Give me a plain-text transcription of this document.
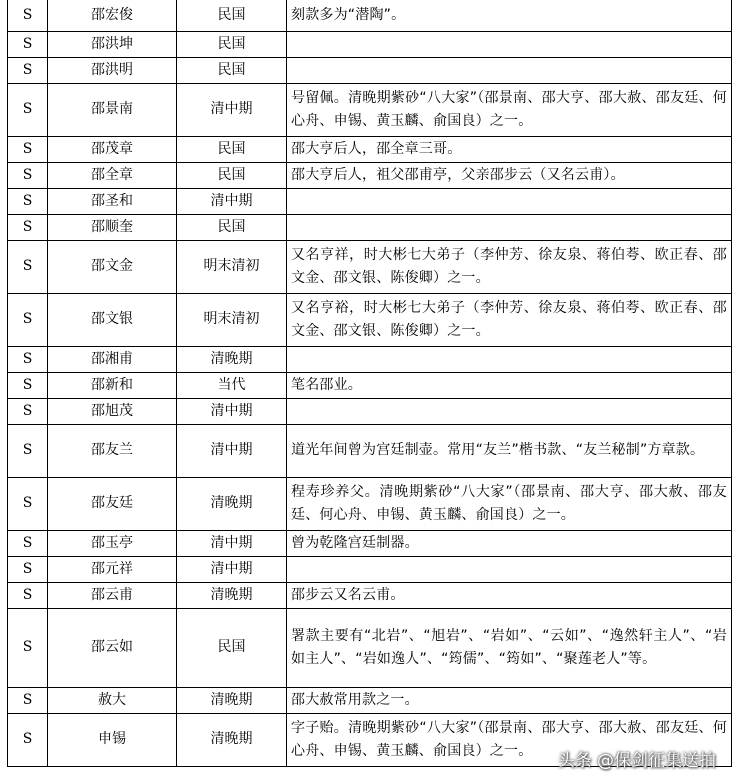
S	邵宏俊	民国	刻款多为“潜陶”。
S	邵洪坤	民国	
S	邵洪明	民国	
S	邵景南	清中期	号留佩。清晚期紫砂“八大家”（邵景南、邵大亨、邵大赦、邵友廷、何心舟、申锡、黄玉麟、俞国良）之一。
S	邵茂章	民国	邵大亨后人，邵全章三哥。
S	邵全章	民国	邵大亨后人，祖父邵甫亭，父亲邵步云（又名云甫）。
S	邵圣和	清中期	
S	邵顺奎	民国	
S	邵文金	明末清初	又名亨祥，时大彬七大弟子（李仲芳、徐友泉、蒋伯荂、欧正春、邵文金、邵文银、陈俊卿）之一。
S	邵文银	明末清初	又名亨裕，时大彬七大弟子（李仲芳、徐友泉、蒋伯荂、欧正春、邵文金、邵文银、陈俊卿）之一。
S	邵湘甫	清晚期	
S	邵新和	当代	笔名邵业。
S	邵旭茂	清中期	
S	邵友兰	清中期	道光年间曾为宫廷制壶。常用“友兰”楷书款、“友兰秘制”方章款。
S	邵友廷	清晚期	程寿珍养父。清晚期紫砂“八大家”（邵景南、邵大亨、邵大赦、邵友廷、何心舟、申锡、黄玉麟、俞国良）之一。
S	邵玉亭	清中期	曾为乾隆宫廷制器。
S	邵元祥	清中期	
S	邵云甫	清晚期	邵步云又名云甫。
S	邵云如	民国	署款主要有“北岩”、“旭岩”、“岩如”、“云如”、“逸然轩主人”、“岩如主人”、“岩如逸人”、“筠儒”、“筠如”、“聚莲老人”等。
S	赦大	清晚期	邵大赦常用款之一。
S	申锡	清晚期	字子贻。清晚期紫砂“八大家”（邵景南、邵大亨、邵大赦、邵友廷、何心舟、申锡、黄玉麟、俞国良）之一。
头条 @保剑征集送拍
